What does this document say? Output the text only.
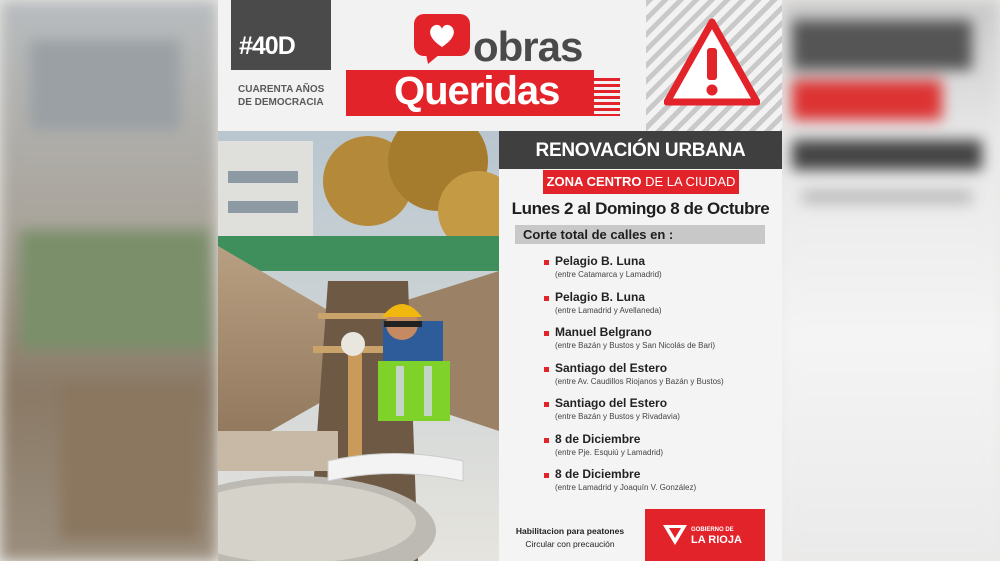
#40D
CUARENTA AÑOS
DE DEMOCRACIA
obras
Queridas
RENOVACIÓN URBANA
ZONA CENTRO DE LA CIUDAD
Lunes 2 al Domingo 8 de Octubre
Corte total de calles en :
Pelagio B. Luna
(entre Catamarca y Lamadrid)
Pelagio B. Luna
(entre Lamadrid y Avellaneda)
Manuel Belgrano
(entre Bazán y Bustos y San Nicolás de Bari)
Santiago del Estero
(entre Av. Caudillos Riojanos y Bazán y Bustos)
Santiago del Estero
(entre Bazán y Bustos y Rivadavia)
8 de Diciembre
(entre Pje. Esquiú y Lamadrid)
8 de Diciembre
(entre Lamadrid y Joaquín V. González)
Habilitacion para peatones
Circular con precaución
GOBIERNO DE
LA RIOJA
